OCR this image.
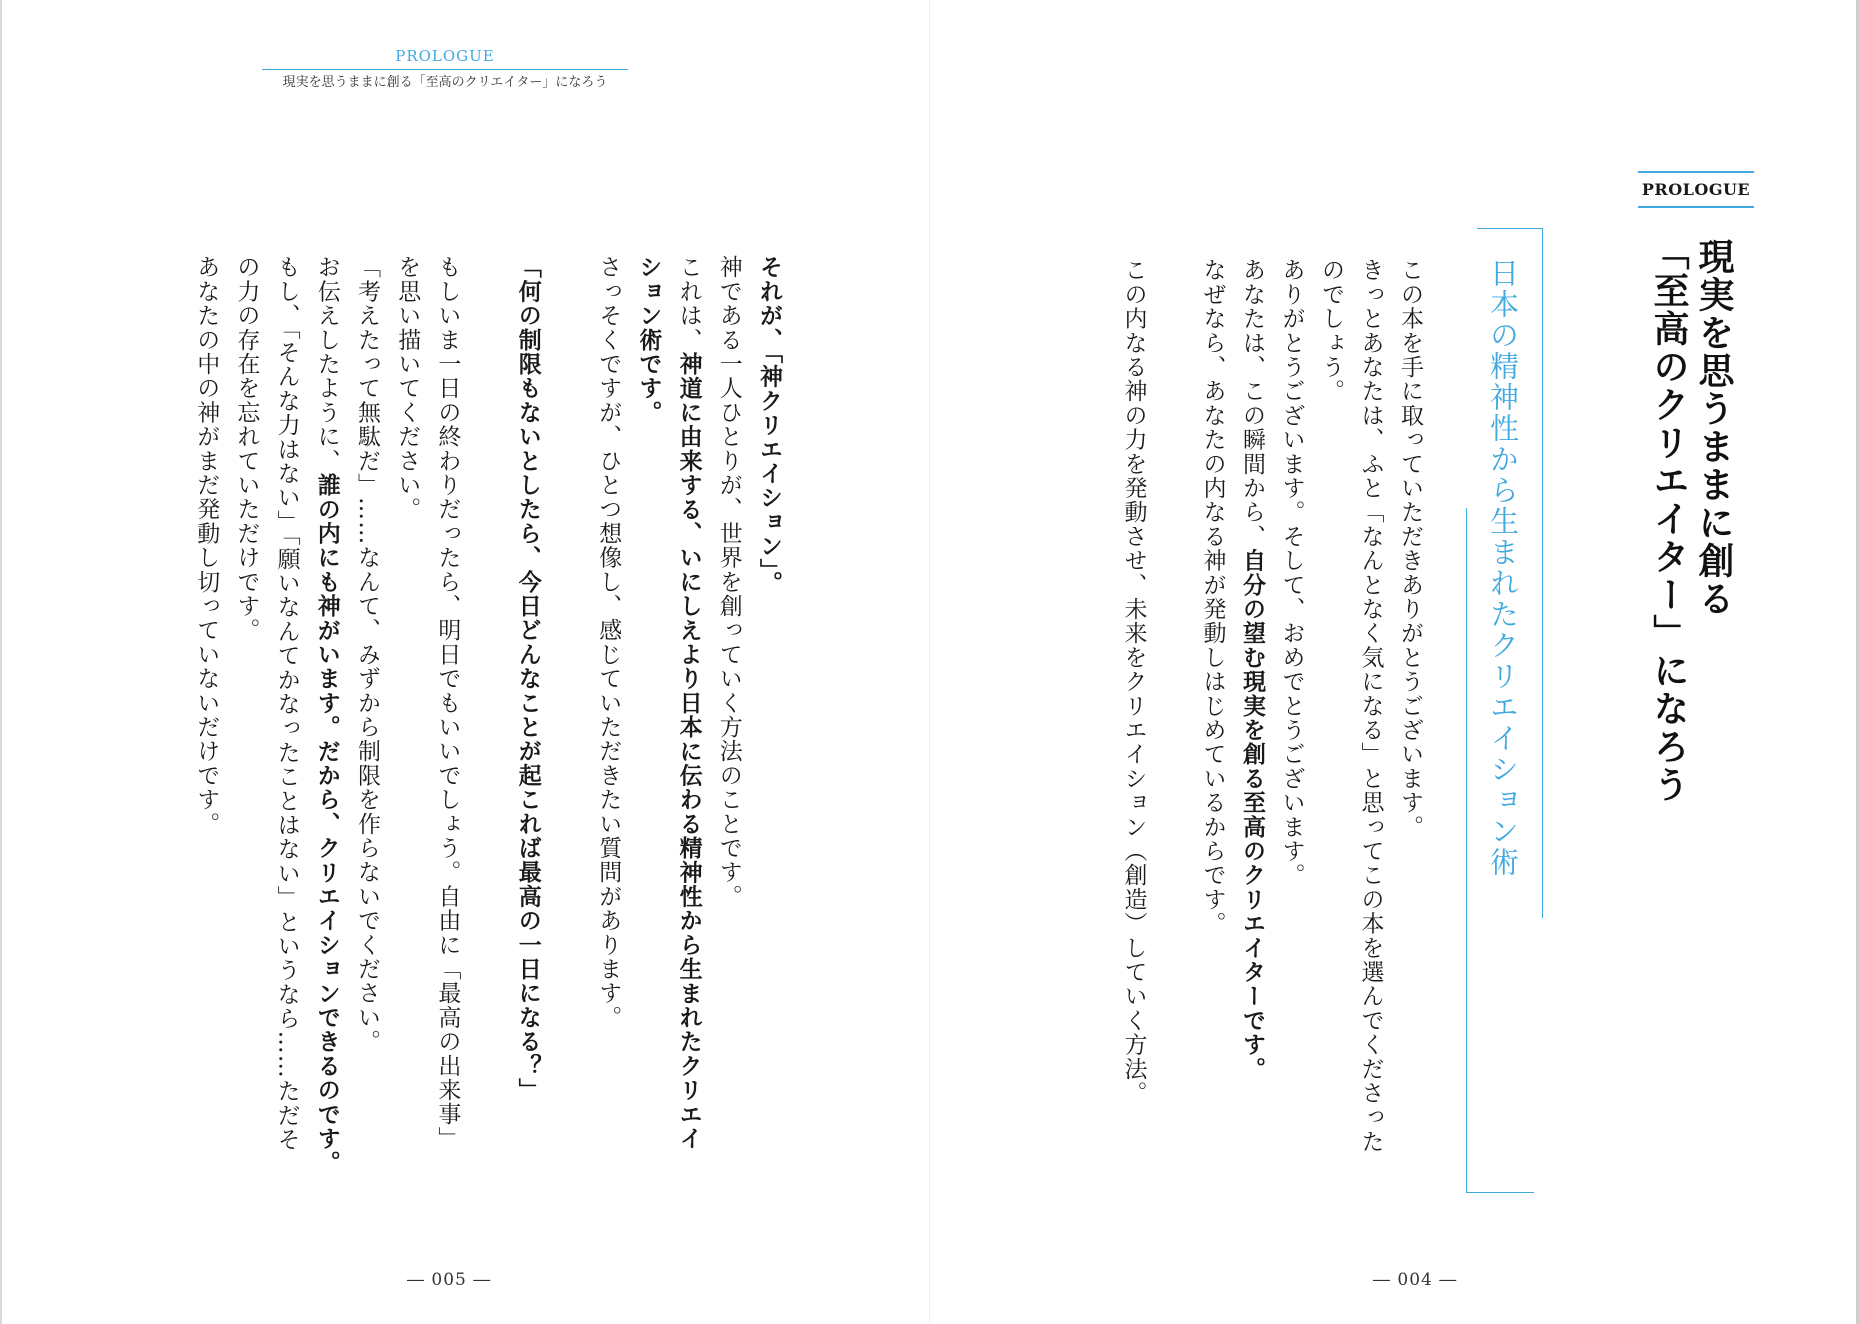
PROLOGUE
現実を思うままに創る「至高のクリエイター」になろう
それが、「神クリエイション」。
神である一人ひとりが、世界を創っていく方法のことです。
これは、神道に由来する、いにしえより日本に伝わる精神性から生まれたクリエイ
ション術です。
さっそくですが、ひとつ想像し、感じていただきたい質問があります。
「何の制限もないとしたら、今日どんなことが起これば最高の一日になる？」
もしいま一日の終わりだったら、明日でもいいでしょう。自由に「最高の出来事」
を思い描いてください。
「考えたって無駄だ」……なんて、みずから制限を作らないでください。
お伝えしたように、誰の内にも神がいます。だから、クリエイションできるのです。
もし、「そんな力はない」「願いなんてかなったことはない」というなら……ただそ
の力の存在を忘れていただけです。
あなたの中の神がまだ発動し切っていないだけです。
― 005 ―
PROLOGUE
現実を思うままに創る
「至高のクリエイター」になろう
日本の精神性から生まれたクリエイション術
この本を手に取っていただきありがとうございます。
きっとあなたは、ふと「なんとなく気になる」と思ってこの本を選んでくださった
のでしょう。
ありがとうございます。そして、おめでとうございます。
あなたは、この瞬間から、自分の望む現実を創る至高のクリエイターです。
なぜなら、あなたの内なる神が発動しはじめているからです。
この内なる神の力を発動させ、未来をクリエイション（創造）していく方法。
― 004 ―
